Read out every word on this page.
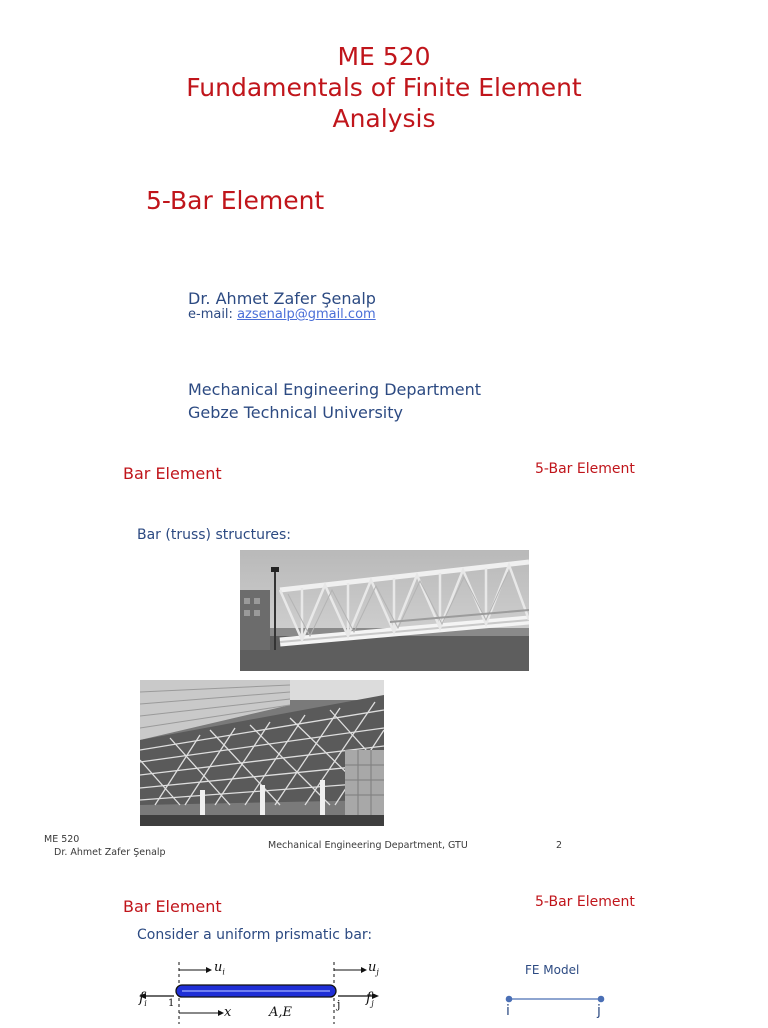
ME 520
Fundamentals of Finite Element
Analysis
5-Bar Element
Dr. Ahmet Zafer Şenalp
e-mail: azsenalp@gmail.com
Mechanical Engineering Department
Gebze Technical University
Bar Element	5-Bar Element
Bar (truss) structures:
ME 520
Dr. Ahmet Zafer Şenalp
Mechanical Engineering Department, GTU	2
Bar Element	5-Bar Element
Consider a uniform prismatic bar:
$u_i$	$u_j$
$f_i$	$f_j$
1	j
x	A,E
FE Model
i	j
